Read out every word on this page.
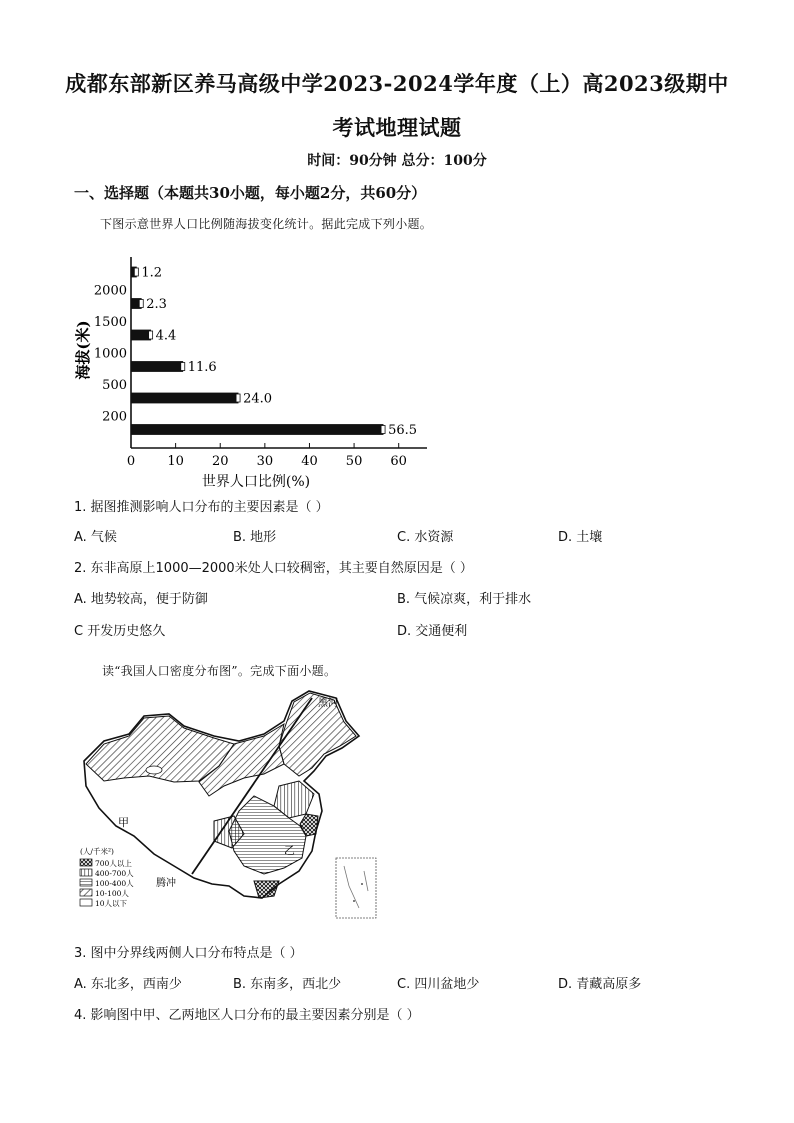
成都东部新区养马高级中学2023-2024学年度（上）高2023级期中
考试地理试题
时间：90分钟 总分：100分
一、选择题（本题共30小题，每小题2分，共60分）
下图示意世界人口比例随海拔变化统计。据此完成下列小题。
1.2
2.3
4.4
11.6
24.0
56.5
2000
1500
1000
500
200
0 10 20 30 40 50 60
世界人口比例(%)
海拔(米)
1. 据图推测影响人口分布的主要因素是（ ）
A. 气候	B. 地形	C. 水资源	D. 土壤
2. 东非高原上1000—2000米处人口较稠密，其主要自然原因是（ ）
A. 地势较高，便于防御	B. 气候凉爽，利于排水
C 开发历史悠久	D. 交通便利
读“我国人口密度分布图”。完成下面小题。
黑河
甲
乙
腾冲
(人/千米²)
700人以上
400-700人
100-400人
10-100人
10人以下
3. 图中分界线两侧人口分布特点是（ ）
A. 东北多，西南少	B. 东南多，西北少	C. 四川盆地少	D. 青藏高原多
4. 影响图中甲、乙两地区人口分布的最主要因素分别是（ ）
